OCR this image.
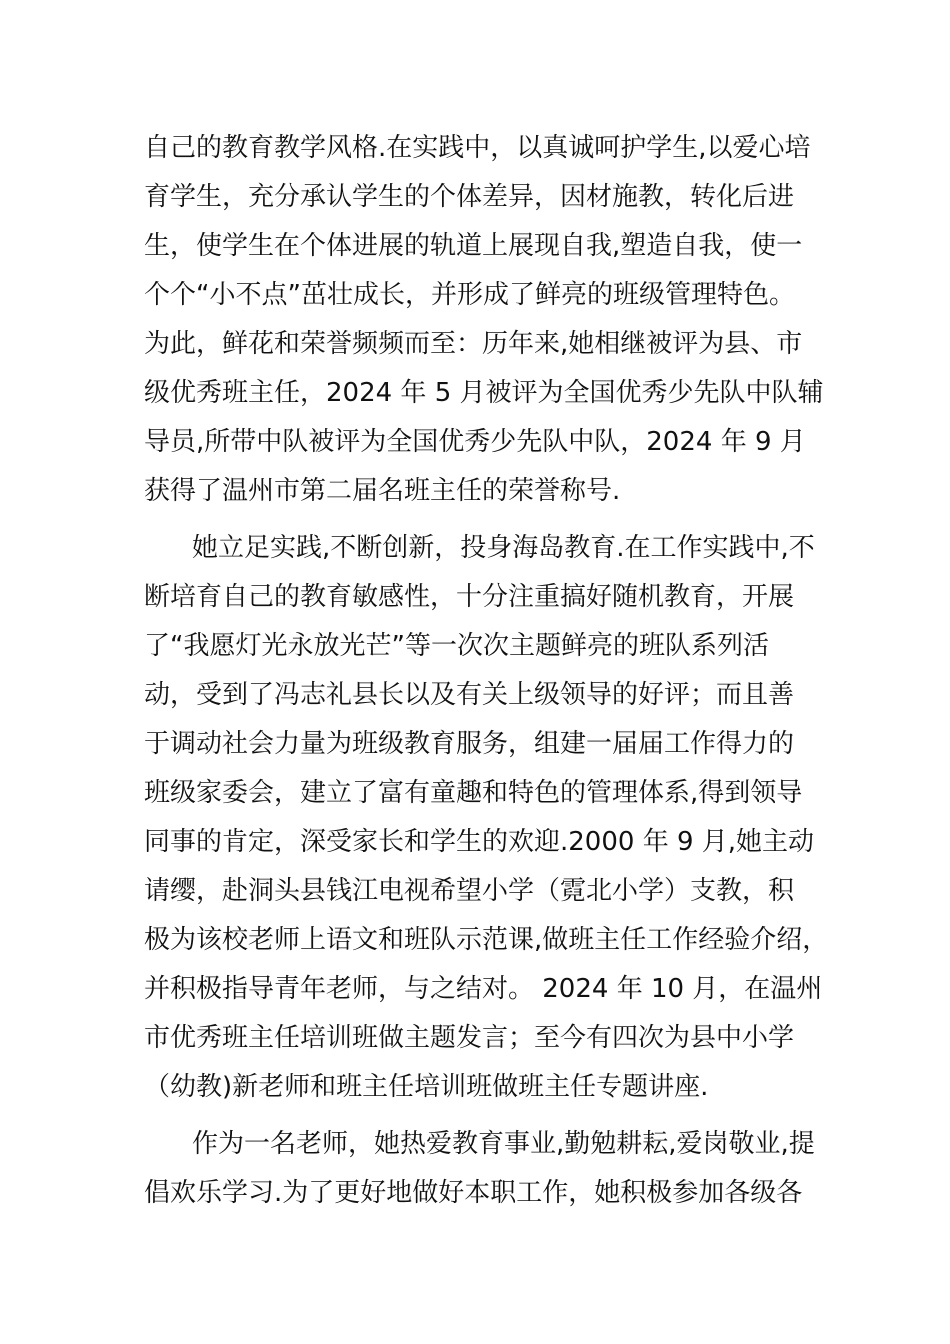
自己的教育教学风格.在实践中，以真诚呵护学生,以爱心培
育学生，充分承认学生的个体差异，因材施教，转化后进
生，使学生在个体进展的轨道上展现自我,塑造自我，使一
个个“小不点”茁壮成长，并形成了鲜亮的班级管理特色。
为此，鲜花和荣誉频频而至：历年来,她相继被评为县、市
级优秀班主任，2024 年 5 月被评为全国优秀少先队中队辅
导员,所带中队被评为全国优秀少先队中队，2024 年 9 月
获得了温州市第二届名班主任的荣誉称号.
她立足实践,不断创新，投身海岛教育.在工作实践中,不
断培育自己的教育敏感性，十分注重搞好随机教育，开展
了“我愿灯光永放光芒”等一次次主题鲜亮的班队系列活
动，受到了冯志礼县长以及有关上级领导的好评；而且善
于调动社会力量为班级教育服务，组建一届届工作得力的
班级家委会，建立了富有童趣和特色的管理体系,得到领导
同事的肯定，深受家长和学生的欢迎.2000 年 9 月,她主动
请缨，赴洞头县钱江电视希望小学（霓北小学）支教，积
极为该校老师上语文和班队示范课,做班主任工作经验介绍，
并积极指导青年老师，与之结对。 2024 年 10 月，在温州
市优秀班主任培训班做主题发言；至今有四次为县中小学
（幼教)新老师和班主任培训班做班主任专题讲座.
作为一名老师，她热爱教育事业,勤勉耕耘,爱岗敬业,提
倡欢乐学习.为了更好地做好本职工作，她积极参加各级各
